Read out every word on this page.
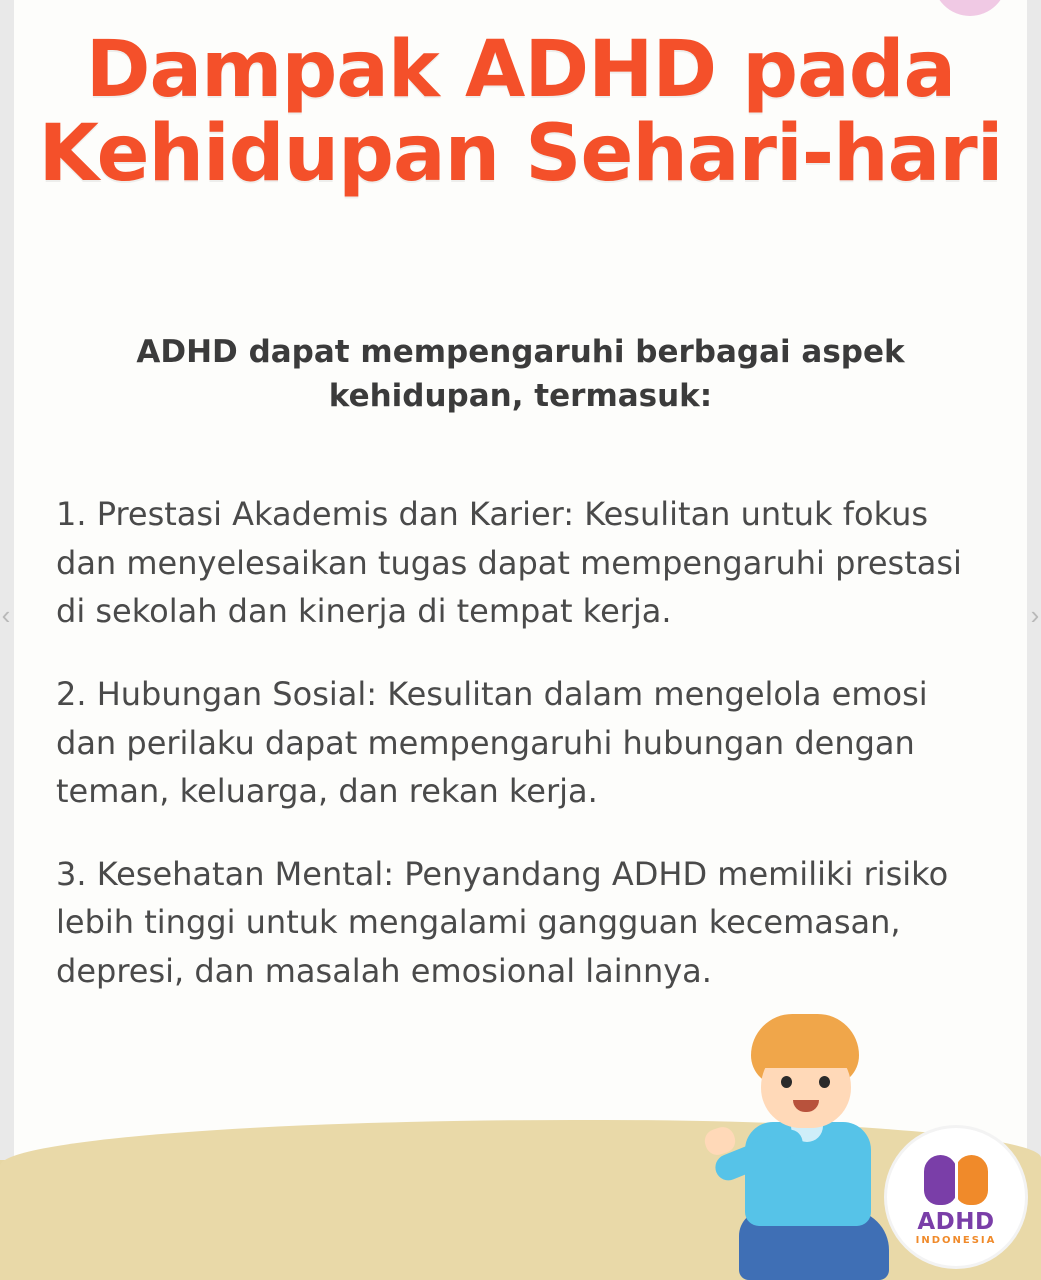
‹	›
Dampak ADHD pada
Kehidupan Sehari-hari
ADHD dapat mempengaruhi berbagai aspek kehidupan, termasuk:

1. Prestasi Akademis dan Karier: Kesulitan untuk fokus dan menyelesaikan tugas dapat mempengaruhi prestasi di sekolah dan kinerja di tempat kerja.

2. Hubungan Sosial: Kesulitan dalam mengelola emosi dan perilaku dapat mempengaruhi hubungan dengan teman, keluarga, dan rekan kerja.

3. Kesehatan Mental: Penyandang ADHD memiliki risiko lebih tinggi untuk mengalami gangguan kecemasan, depresi, dan masalah emosional lainnya.

ADHD
INDONESIA
